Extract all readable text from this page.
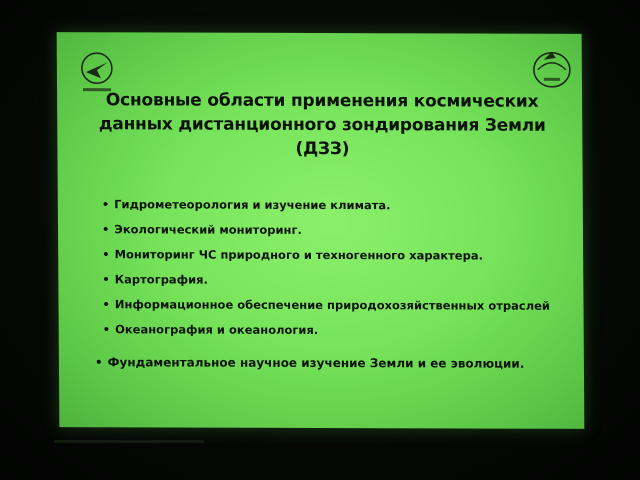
Основные области применения космических
данных дистанционного зондирования Земли
(ДЗЗ)
• Гидрометеорология и изучение климата.
• Экологический мониторинг.
• Мониторинг ЧС природного и техногенного характера.
• Картография.
• Информационное обеспечение природохозяйственных отраслей
• Океанография и океанология.
• Фундаментальное научное изучение Земли и ее эволюции.
